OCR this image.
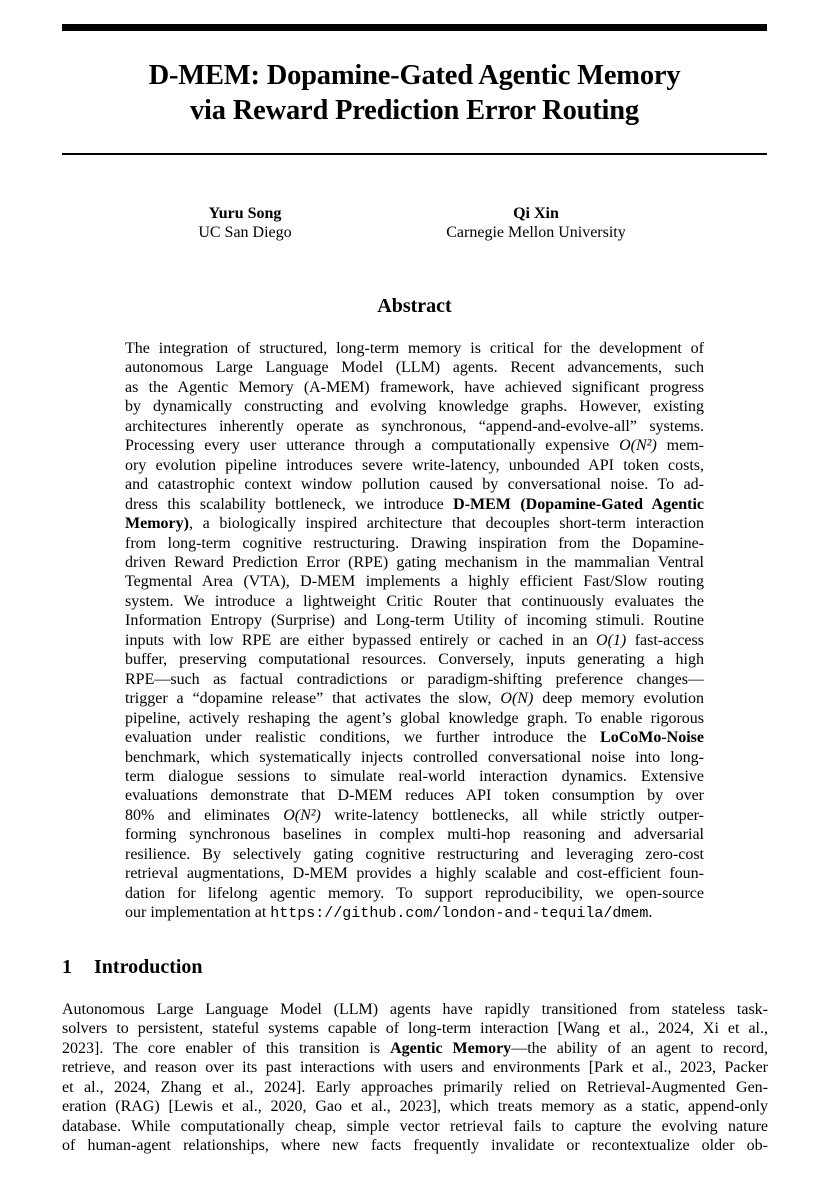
D-MEM: Dopamine-Gated Agentic Memory
via Reward Prediction Error Routing
Yuru Song
UC San Diego
Qi Xin
Carnegie Mellon University
Abstract
The integration of structured, long-term memory is critical for the development of
autonomous Large Language Model (LLM) agents. Recent advancements, such
as the Agentic Memory (A-MEM) framework, have achieved significant progress
by dynamically constructing and evolving knowledge graphs. However, existing
architectures inherently operate as synchronous, “append-and-evolve-all” systems.
Processing every user utterance through a computationally expensive O(N²) mem-
ory evolution pipeline introduces severe write-latency, unbounded API token costs,
and catastrophic context window pollution caused by conversational noise. To ad-
dress this scalability bottleneck, we introduce D-MEM (Dopamine-Gated Agentic
Memory), a biologically inspired architecture that decouples short-term interaction
from long-term cognitive restructuring. Drawing inspiration from the Dopamine-
driven Reward Prediction Error (RPE) gating mechanism in the mammalian Ventral
Tegmental Area (VTA), D-MEM implements a highly efficient Fast/Slow routing
system. We introduce a lightweight Critic Router that continuously evaluates the
Information Entropy (Surprise) and Long-term Utility of incoming stimuli. Routine
inputs with low RPE are either bypassed entirely or cached in an O(1) fast-access
buffer, preserving computational resources. Conversely, inputs generating a high
RPE—such as factual contradictions or paradigm-shifting preference changes—
trigger a “dopamine release” that activates the slow, O(N) deep memory evolution
pipeline, actively reshaping the agent’s global knowledge graph. To enable rigorous
evaluation under realistic conditions, we further introduce the LoCoMo-Noise
benchmark, which systematically injects controlled conversational noise into long-
term dialogue sessions to simulate real-world interaction dynamics. Extensive
evaluations demonstrate that D-MEM reduces API token consumption by over
80% and eliminates O(N²) write-latency bottlenecks, all while strictly outper-
forming synchronous baselines in complex multi-hop reasoning and adversarial
resilience. By selectively gating cognitive restructuring and leveraging zero-cost
retrieval augmentations, D-MEM provides a highly scalable and cost-efficient foun-
dation for lifelong agentic memory. To support reproducibility, we open-source
our implementation at https://github.com/london-and-tequila/dmem.
1 Introduction
Autonomous Large Language Model (LLM) agents have rapidly transitioned from stateless task-
solvers to persistent, stateful systems capable of long-term interaction [Wang et al., 2024, Xi et al.,
2023]. The core enabler of this transition is Agentic Memory—the ability of an agent to record,
retrieve, and reason over its past interactions with users and environments [Park et al., 2023, Packer
et al., 2024, Zhang et al., 2024]. Early approaches primarily relied on Retrieval-Augmented Gen-
eration (RAG) [Lewis et al., 2020, Gao et al., 2023], which treats memory as a static, append-only
database. While computationally cheap, simple vector retrieval fails to capture the evolving nature
of human-agent relationships, where new facts frequently invalidate or recontextualize older ob-
